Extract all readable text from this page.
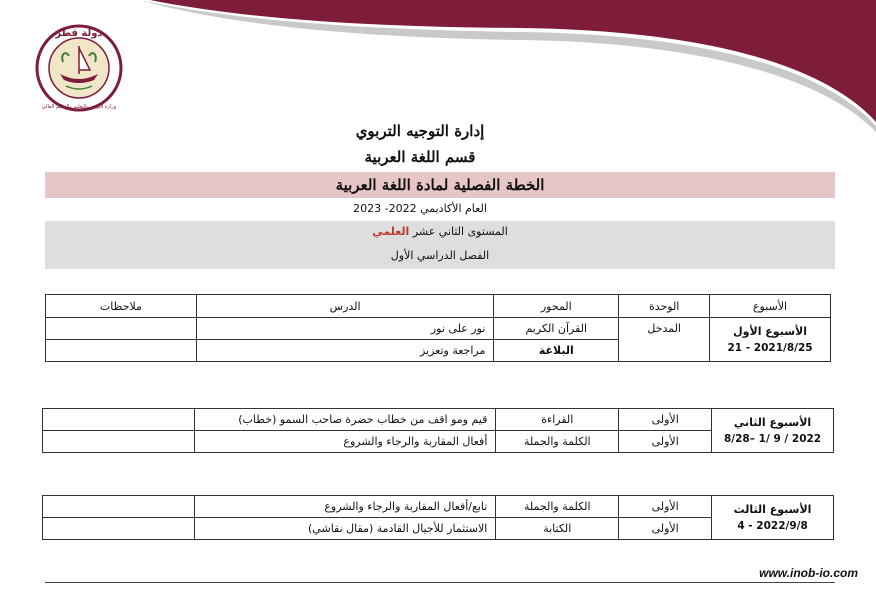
دولة قطر
وزارة التربية والتعليم والتعليم العالي
إدارة التوجيه التربوي
قسم اللغة العربية
الخطة الفصلية لمادة اللغة العربية
العام الأكاديمي 2022- 2023
المستوى الثاني عشر العلمي
الفصل الدراسي الأول
الأسبوع	الوحدة	المحور	الدرس	ملاحظات
الأسبوع الأول
21 - 2021/8/25	المدخل	القرآن الكريم	نور على نور	
		البلاغة	مراجعة وتعزيز	
الأسبوع الثاني
8/28– 1/ 9 / 2022	الأولى	القراءة	قيم ومو اقف من خطاب حضرة صاحب السمو (خطاب)	
	الأولى	الكلمة والجملة	أفعال المقاربة والرجاء والشروع	
الأسبوع الثالث
4 - 2022/9/8	الأولى	الكلمة والجملة	تابع/أفعال المقاربة والرجاء والشروع	
	الأولى	الكتابة	الاستثمار للأجيال القادمة (مقال نقاشي)	
www.inob-io.com
